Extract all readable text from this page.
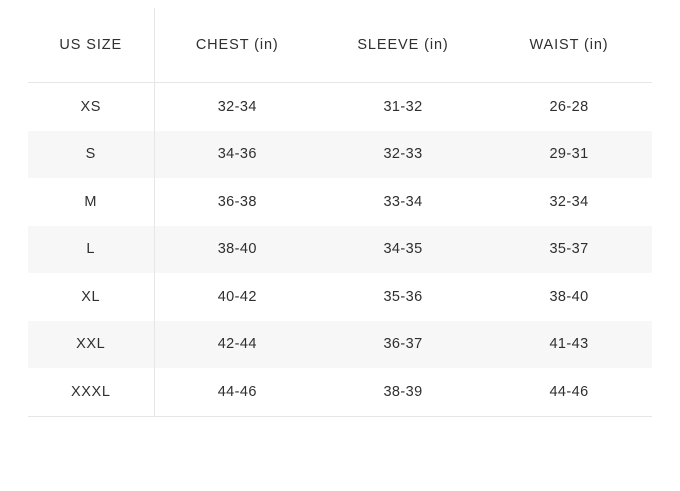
US SIZE	CHEST (in)	SLEEVE (in)	WAIST (in)
XS	32-34	31-32	26-28
S	34-36	32-33	29-31
M	36-38	33-34	32-34
L	38-40	34-35	35-37
XL	40-42	35-36	38-40
XXL	42-44	36-37	41-43
XXXL	44-46	38-39	44-46
